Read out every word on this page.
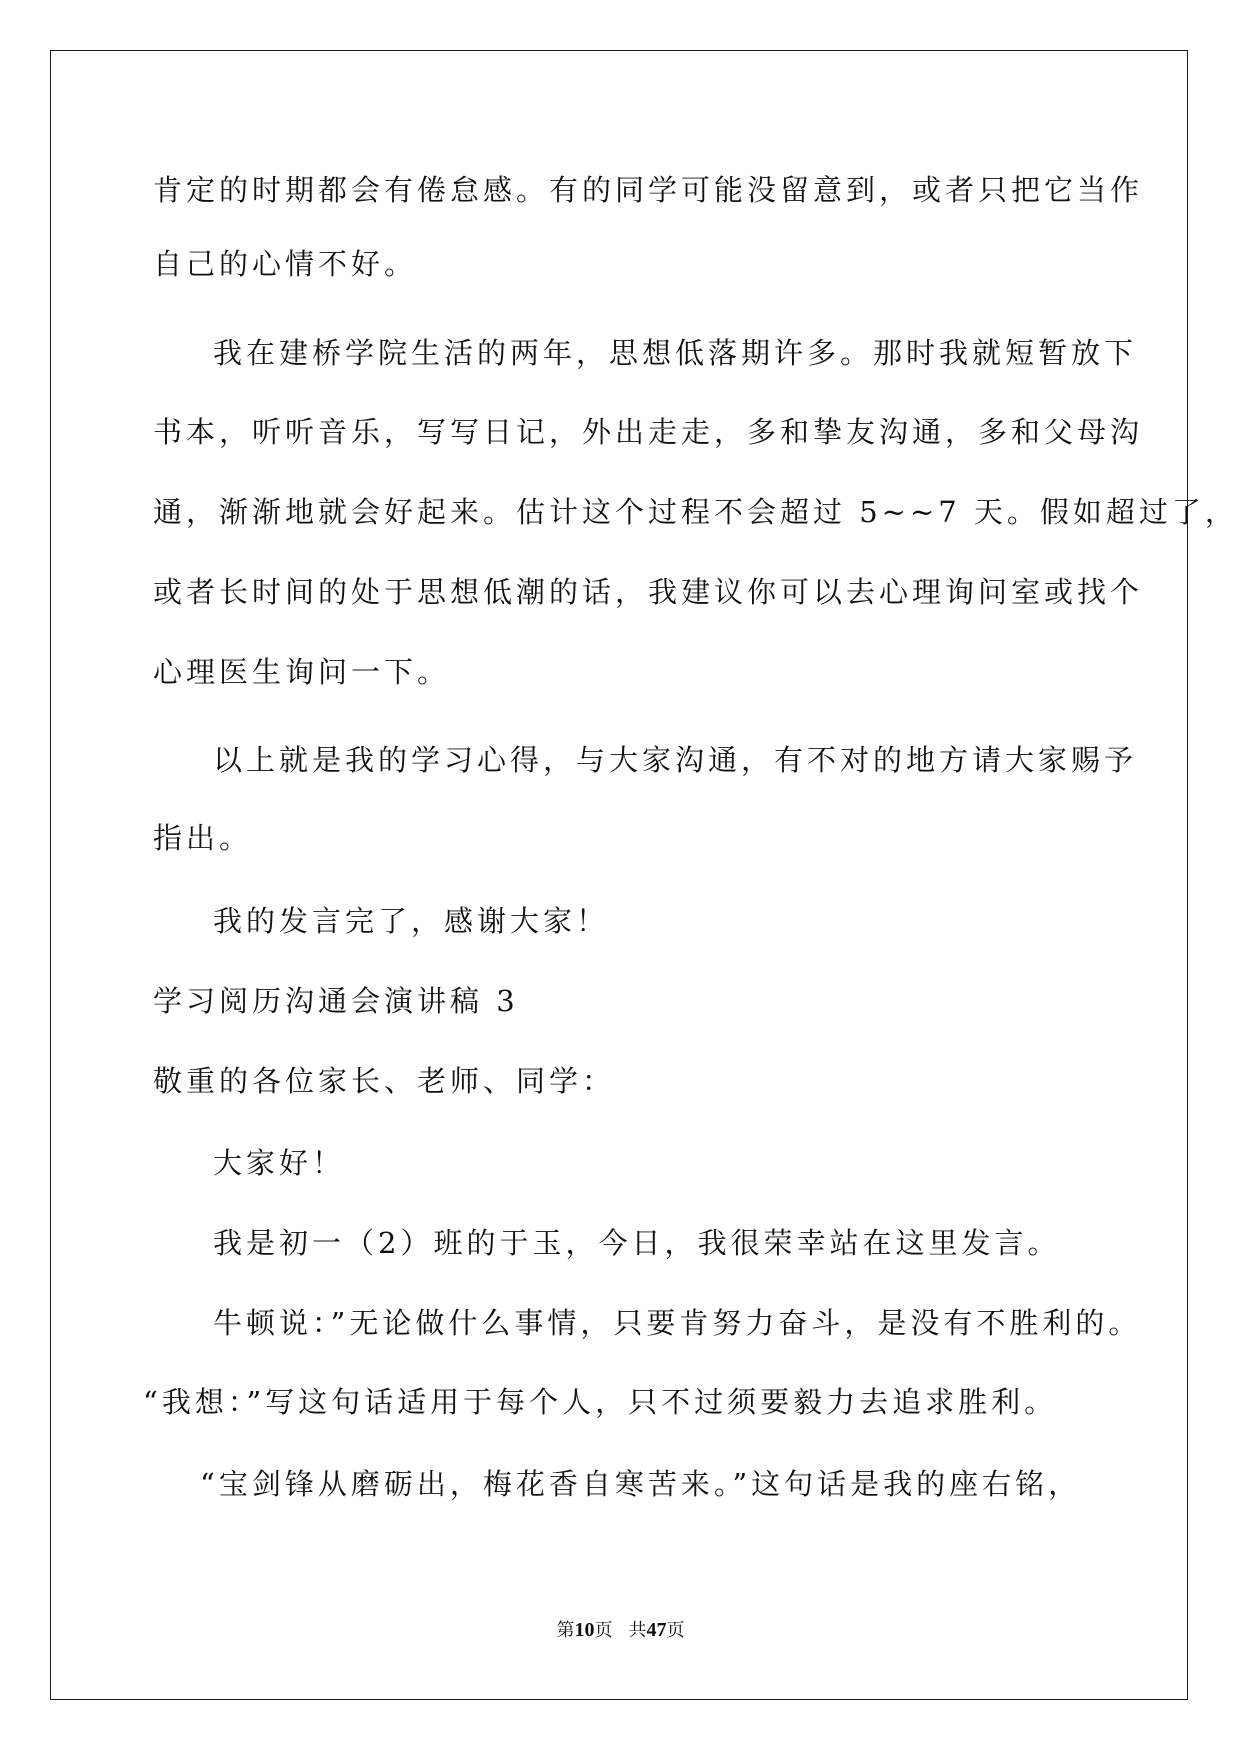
肯定的时期都会有倦怠感。有的同学可能没留意到，或者只把它当作
自己的心情不好。
我在建桥学院生活的两年，思想低落期许多。那时我就短暂放下
书本，听听音乐，写写日记，外出走走，多和挚友沟通，多和父母沟
通，渐渐地就会好起来。估计这个过程不会超过 5~~7 天。假如超过了，
或者长时间的处于思想低潮的话，我建议你可以去心理询问室或找个
心理医生询问一下。
以上就是我的学习心得，与大家沟通，有不对的地方请大家赐予
指出。
我的发言完了，感谢大家！
学习阅历沟通会演讲稿 3
敬重的各位家长、老师、同学：
大家好！
我是初一（2）班的于玉，今日，我很荣幸站在这里发言。
牛顿说：”无论做什么事情，只要肯努力奋斗，是没有不胜利的。
“我想：”写这句话适用于每个人，只不过须要毅力去追求胜利。
“宝剑锋从磨砺出，梅花香自寒苦来。”这句话是我的座右铭，
第10页 共47页
